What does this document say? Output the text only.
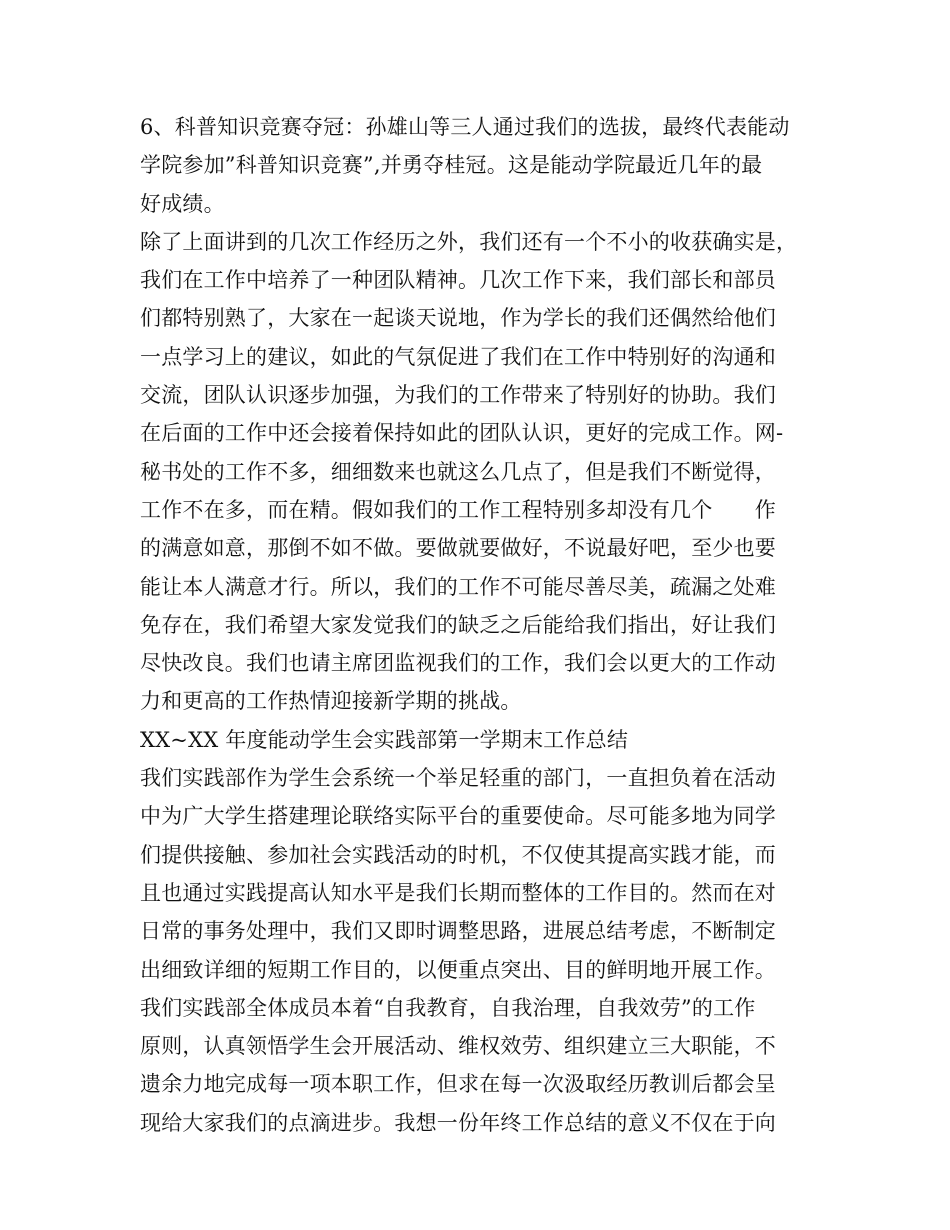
6、科普知识竞赛夺冠：孙雄山等三人通过我们的选拔，最终代表能动
学院参加”科普知识竞赛”,并勇夺桂冠。这是能动学院最近几年的最
好成绩。
除了上面讲到的几次工作经历之外，我们还有一个不小的收获确实是，
我们在工作中培养了一种团队精神。几次工作下来，我们部长和部员
们都特别熟了，大家在一起谈天说地，作为学长的我们还偶然给他们
一点学习上的建议，如此的气氛促进了我们在工作中特别好的沟通和
交流，团队认识逐步加强，为我们的工作带来了特别好的协助。我们
在后面的工作中还会接着保持如此的团队认识，更好的完成工作。网-
秘书处的工作不多，细细数来也就这么几点了，但是我们不断觉得，
工作不在多，而在精。假如我们的工作工程特别多却没有几个　　作
的满意如意，那倒不如不做。要做就要做好，不说最好吧，至少也要
能让本人满意才行。所以，我们的工作不可能尽善尽美，疏漏之处难
免存在，我们希望大家发觉我们的缺乏之后能给我们指出，好让我们
尽快改良。我们也请主席团监视我们的工作，我们会以更大的工作动
力和更高的工作热情迎接新学期的挑战。
XX~XX 年度能动学生会实践部第一学期末工作总结
我们实践部作为学生会系统一个举足轻重的部门，一直担负着在活动
中为广大学生搭建理论联络实际平台的重要使命。尽可能多地为同学
们提供接触、参加社会实践活动的时机，不仅使其提高实践才能，而
且也通过实践提高认知水平是我们长期而整体的工作目的。然而在对
日常的事务处理中，我们又即时调整思路，进展总结考虑，不断制定
出细致详细的短期工作目的，以便重点突出、目的鲜明地开展工作。
我们实践部全体成员本着“自我教育，自我治理，自我效劳”的工作
原则，认真领悟学生会开展活动、维权效劳、组织建立三大职能，不
遗余力地完成每一项本职工作，但求在每一次汲取经历教训后都会呈
现给大家我们的点滴进步。我想一份年终工作总结的意义不仅在于向
